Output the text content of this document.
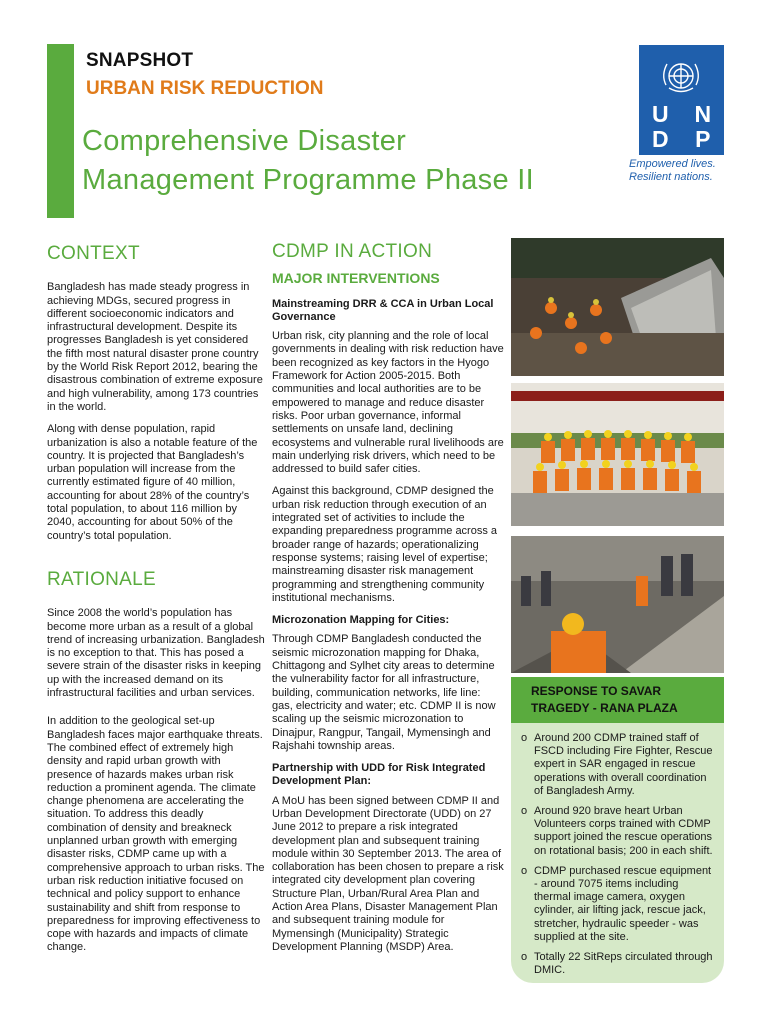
SNAPSHOT
URBAN RISK REDUCTION
Comprehensive Disaster
Management Programme Phase II
U N
D	P
Empowered lives.
Resilient nations.
CONTEXT

Bangladesh has made steady progress in achieving MDGs, secured progress in different socioeconomic indicators and infrastructural development. Despite its progresses Bangladesh is yet considered the fifth most natural disaster prone country by the World Risk Report 2012, bearing the disastrous combination of extreme exposure and high vulnerability, among 173 countries in the world.

Along with dense population, rapid urbanization is also a notable feature of the country. It is projected that Bangladesh’s urban population will increase from the currently estimated figure of 40 million, accounting for about 28% of the country’s total population, to about 116 million by 2040, accounting for about 50% of the country’s total population.

RATIONALE

Since 2008 the world’s population has become more urban as a result of a global trend of increasing urbanization. Bangladesh is no exception to that. This has posed a severe strain of the disaster risks in keeping up with the increased demand on its infrastructural facilities and urban services.

In addition to the geological set-up Bangladesh faces major earthquake threats. The combined effect of extremely high density and rapid urban growth with presence of hazards makes urban risk reduction a prominent agenda. The climate change phenomena are accelerating the situation. To address this deadly combination of density and breakneck unplanned urban growth with emerging disaster risks, CDMP came up with a comprehensive approach to urban risks. The urban risk reduction initiative focused on technical and policy support to enhance sustainability and shift from response to preparedness for improving effectiveness to cope with hazards and impacts of climate change.

CDMP IN ACTION
MAJOR INTERVENTIONS
Mainstreaming DRR & CCA in Urban Local Governance

Urban risk, city planning and the role of local governments in dealing with risk reduction have been recognized as key factors in the Hyogo Framework for Action 2005-2015. Both communities and local authorities are to be empowered to manage and reduce disaster risks. Poor urban governance, informal settlements on unsafe land, declining ecosystems and vulnerable rural livelihoods are main underlying risk drivers, which need to be addressed to build safer cities.

Against this background, CDMP designed the urban risk reduction through execution of an integrated set of activities to include the expanding preparedness programme across a broader range of hazards; operationalizing response systems; raising level of expertise; mainstreaming disaster risk management programming and strengthening community institutional mechanisms.

Microzonation Mapping for Cities:

Through CDMP Bangladesh conducted the seismic microzonation mapping for Dhaka, Chittagong and Sylhet city areas to determine the vulnerability factor for all infrastructure, building, communication networks, life line: gas, electricity and water; etc. CDMP II is now scaling up the seismic microzonation to Dinajpur, Rangpur, Tangail, Mymensingh and Rajshahi township areas.

Partnership with UDD for Risk Integrated Development Plan:

A MoU has been signed between CDMP II and Urban Development Directorate (UDD) on 27 June 2012 to prepare a risk integrated development plan and subsequent training module within 30 September 2013. The area of collaboration has been chosen to prepare a risk integrated city development plan covering Structure Plan, Urban/Rural Area Plan and Action Area Plans, Disaster Management Plan and subsequent training module for Mymensingh (Municipality) Strategic Development Planning (MSDP) Area.

RESPONSE TO SAVAR TRAGEDY - RANA PLAZA
o Around 200 CDMP trained staff of FSCD including Fire Fighter, Rescue expert in SAR engaged in rescue operations with overall coordination of Bangladesh Army.
o Around 920 brave heart Urban Volunteers corps trained with CDMP support joined the rescue operations on rotational basis; 200 in each shift.
o CDMP purchased rescue equipment - around 7075 items including thermal image camera, oxygen cylinder, air lifting jack, rescue jack, stretcher, hydraulic speeder - was supplied at the site.
o Totally 22 SitReps circulated through DMIC.
